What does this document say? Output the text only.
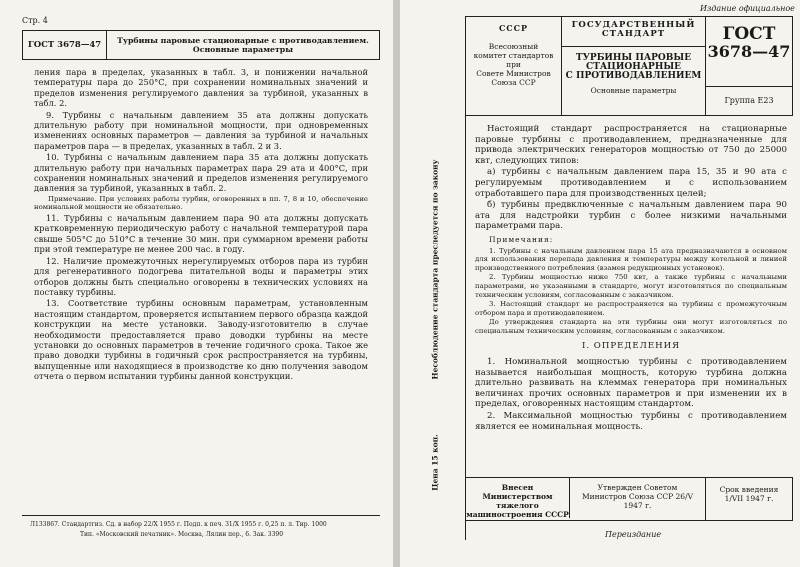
Стр. 4
ГОСТ 3678—47	Турбины паровые стационарные с противодавлением.
Основные параметры

ления пара в пределах, указанных в табл. 3, и понижении начальной температуры пара до 250°С, при сохранении номинальных значений и пределов изменения регулируемого давления за турбиной, указанных в табл. 2.

9. Турбины с начальным давлением 35 ата должны допускать длительную работу при номинальной мощности, при одновременных изменениях основных параметров — давления за турбиной и начальных параметров пара — в пределах, указанных в табл. 2 и 3.

10. Турбины с начальным давлением пара 35 ата должны допускать длительную работу при начальных параметрах пара 29 ата и 400°С, при сохранении номинальных значений и пределов изменения регулируемого давления за турбиной, указанных в табл. 2.

Примечание. При условиях работы турбин, оговоренных в пп. 7, 8 и 10, обеспечение номинальной мощности не обязательно.

11. Турбины с начальным давлением пара 90 ата должны допускать кратковременную периодическую работу с начальной температурой пара свыше 505°С до 510°С в течение 30 мин. при суммарном времени работы при этой температуре не менее 200 час. в году.

12. Наличие промежуточных нерегулируемых отборов пара из турбин для регенеративного подогрева питательной воды и параметры этих отборов должны быть специально оговорены в технических условиях на поставку турбины.

13. Соответствие турбины основным параметрам, установленным настоящим стандартом, проверяется испытанием первого образца каждой конструкции на месте установки. Заводу-изготовителю в случае необходимости предоставляется право доводки турбины на месте установки до основных параметров в течение годичного срока. Такое же право доводки турбины в годичный срок распространяется на турбины, выпущенные или находящиеся в производстве ко дню получения заводом отчета о первом испытании турбины данной конструкции.

Л133867. Стандартгиз. Сд. в набор 22/X 1955 г. Подп. к печ. 31/X 1955 г. 0,25 п. л. Тир. 1000
Тип. «Московский печатник». Москва, Лялин пер., 6. Зак. 3390
Издание официальное
СССР
Всесоюзный
комитет стандартов
при
Совете Министров
Союза ССР
ГОСУДАРСТВЕННЫЙ
СТАНДАРТ
ТУРБИНЫ ПАРОВЫЕ
СТАЦИОНАРНЫЕ
С ПРОТИВОДАВЛЕНИЕМ
Основные параметры
ГОСТ
3678—47
Группа Е23
Несоблюдение стандарта преследуется по закону
Цена 15 коп.

Настоящий стандарт распространяется на стационарные паровые турбины с противодавлением, предназначенные для привода электрических генераторов мощностью от 750 до 25000 квт, следующих типов:

а) турбины с начальным давлением пара 15, 35 и 90 ата с регулируемым противодавлением и с использованием отработавшего пара для производственных целей;

б) турбины предвключенные с начальным давлением пара 90 ата для надстройки турбин с более низкими начальными параметрами пара.

Примечания:

1. Турбины с начальным давлением пара 15 ата предназначаются в основном для использования перепада давления и температуры между котельной и линией производственного потребления (взамен редукционных установок).

2. Турбины мощностью ниже 750 квт, а также турбины с начальными параметрами, не указанными в стандарте, могут изготовляться по специальным техническим условиям, согласованным с заказчиком.

3. Настоящий стандарт не распространяется на турбины с промежуточным отбором пара и противодавлением.

До утверждения стандарта на эти турбины они могут изготовляться по специальным техническим условиям, согласованным с заказчиком.

I. ОПРЕДЕЛЕНИЯ

1. Номинальной мощностью турбины с противодавлением называется наибольшая мощность, которую турбина должна длительно развивать на клеммах генератора при номинальных величинах прочих основных параметров и при изменении их в пределах, оговоренных настоящим стандартом.

2. Максимальной мощностью турбины с противодавлением является ее номинальная мощность.

Внесен Министерством тяжелого машиностроения СССР
Утвержден Советом Министров Союза ССР 26/V 1947 г.
Срок введения 1/VII 1947 г.
Переиздание
